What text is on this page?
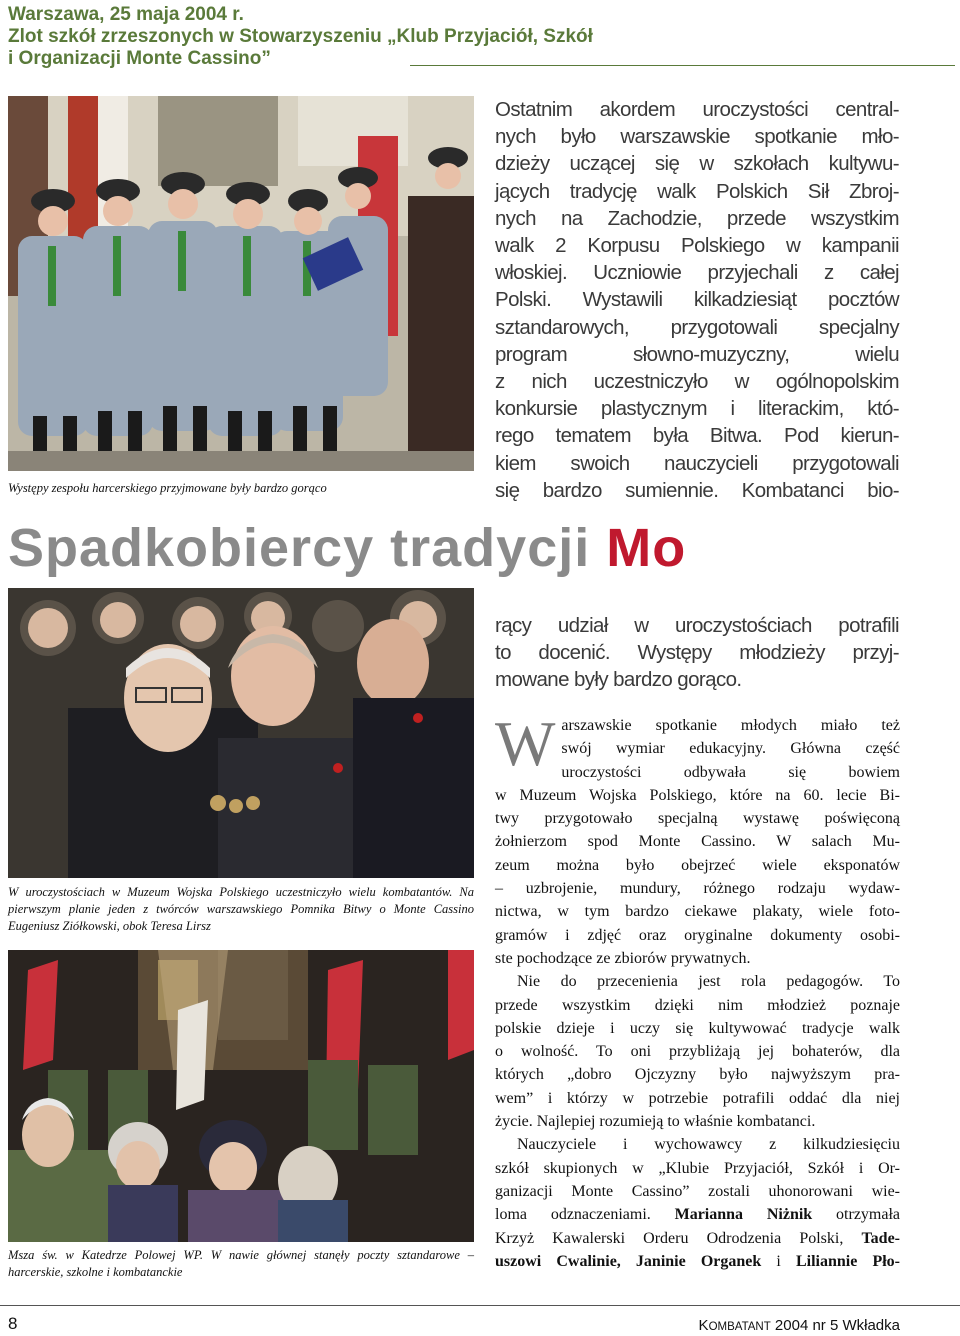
Warszawa, 25 maja 2004 r.
Zlot szkół zrzeszonych w Stowarzyszeniu „Klub Przyjaciół, Szkół
i Organizacji Monte Cassino”
Występy zespołu harcerskiego przyjmowane były bardzo gorąco

Ostatnim akordem uroczystości central-

nych było warszawskie spotkanie mło-

dzieży uczącej się w szkołach kultywu-

jących tradycję walk Polskich Sił Zbroj-

nych na Zachodzie, przede wszystkim

walk 2 Korpusu Polskiego w kampanii

włoskiej. Uczniowie przyjechali z całej

Polski. Wystawili kilkadziesiąt pocztów

sztandarowych, przygotowali specjalny

program słowno-muzyczny, wielu

z nich uczestniczyło w ogólnopolskim

konkursie plastycznym i literackim, któ-

rego tematem była Bitwa. Pod kierun-

kiem swoich nauczycieli przygotowali

się bardzo sumiennie. Kombatanci bio-

Spadkobiercy tradycji Mo
W uroczystościach w Muzeum Wojska Polskiego uczestniczyło wielu kombatantów. Na pierwszym planie jeden z twórców warszawskiego Pomnika Bitwy o Monte Cassino Eugeniusz Ziółkowski, obok Teresa Lirsz
Msza św. w Katedrze Polowej WP. W nawie głównej stanęły poczty sztandarowe – harcerskie, szkolne i kombatanckie

rący udział w uroczystościach potrafili

to docenić. Występy młodzieży przyj-

mowane były bardzo gorąco.

W arszawskie spotkanie młodych miało też

swój wymiar edukacyjny. Główna część

uroczystości odbywała się bowiem

w Muzeum Wojska Polskiego, które na 60. lecie Bi-

twy przygotowało specjalną wystawę poświęconą

żołnierzom spod Monte Cassino. W salach Mu-

zeum można było obejrzeć wiele eksponatów

– uzbrojenie, mundury, różnego rodzaju wydaw-

nictwa, w tym bardzo ciekawe plakaty, wiele foto-

gramów i zdjęć oraz oryginalne dokumenty osobi-

ste pochodzące ze zbiorów prywatnych.

Nie do przecenienia jest rola pedagogów. To

przede wszystkim dzięki nim młodzież poznaje

polskie dzieje i uczy się kultywować tradycje walk

o wolność. To oni przybliżają jej bohaterów, dla

których „dobro Ojczyzny było najwyższym pra-

wem” i którzy w potrzebie potrafili oddać dla niej

życie. Najlepiej rozumieją to właśnie kombatanci.

Nauczyciele i wychowawcy z kilkudziesięciu

szkół skupionych w „Klubie Przyjaciół, Szkół i Or-

ganizacji Monte Cassino” zostali uhonorowani wie-

loma odznaczeniami. Marianna Niżnik otrzymała

Krzyż Kawalerski Orderu Odrodzenia Polski, Tade-

uszowi Cwalinie, Janinie Organek i Liliannie Pło-

8	KOMBATANT 2004 nr 5 Wkładka
